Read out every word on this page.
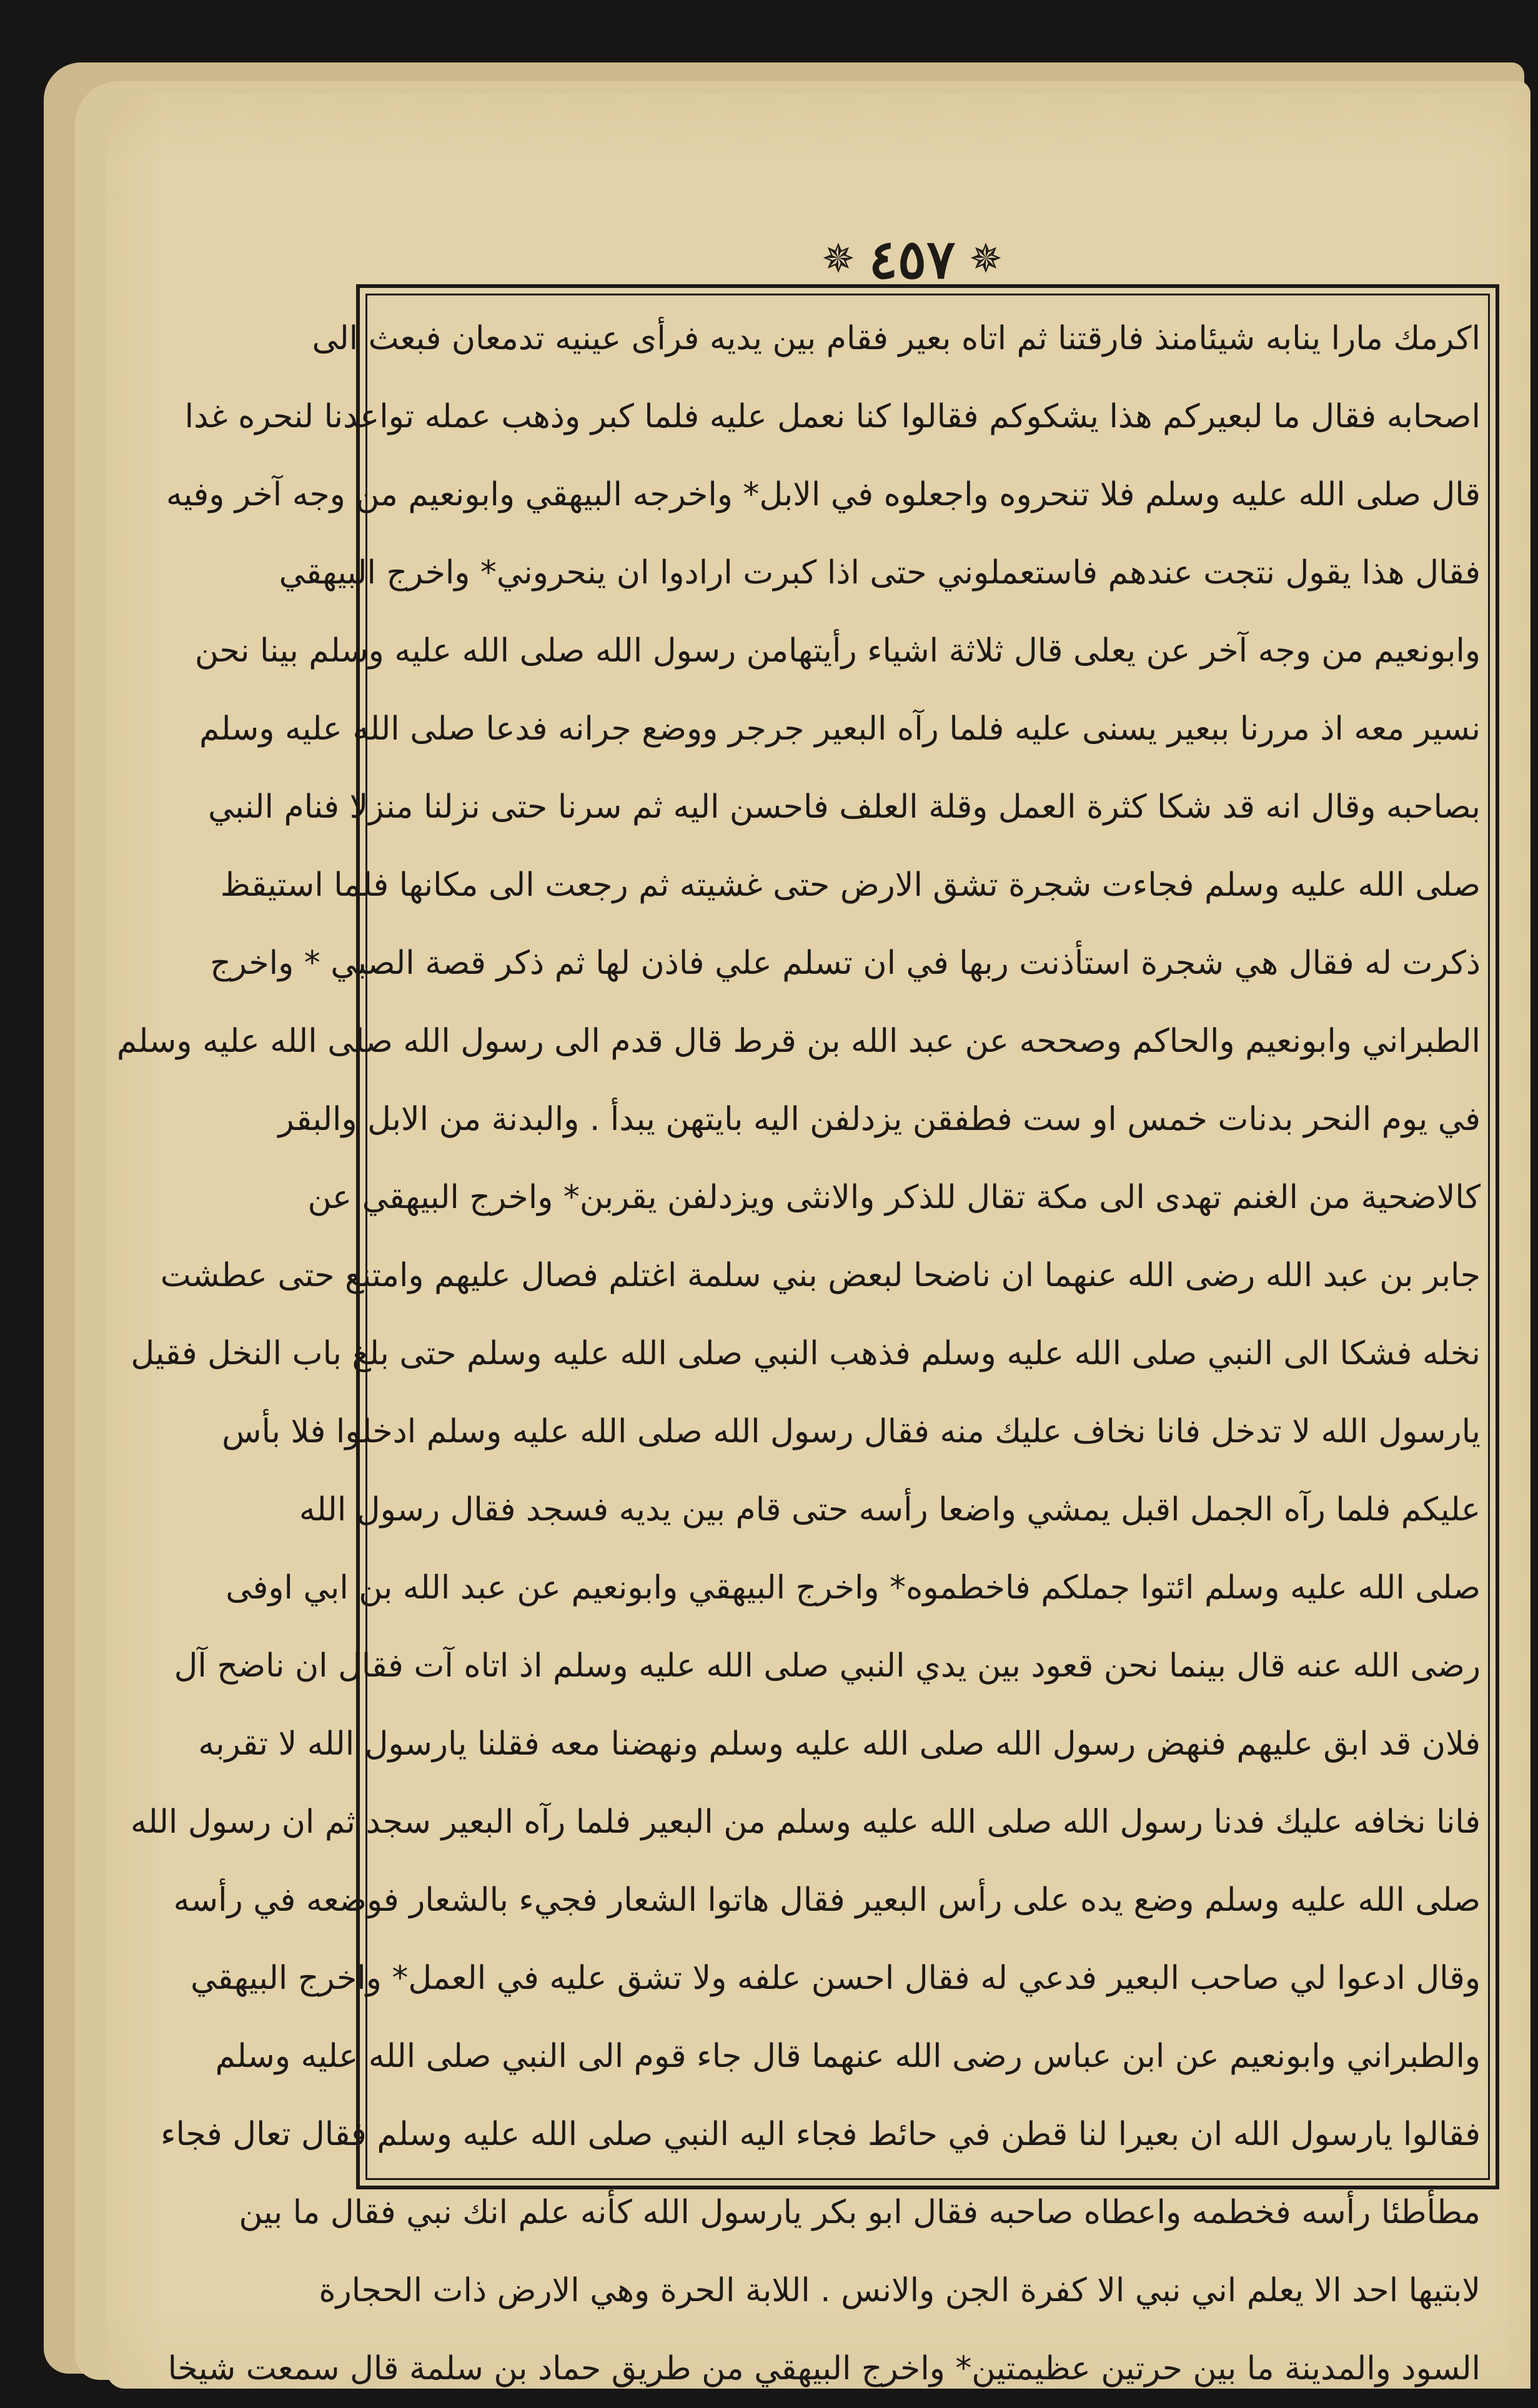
✵ ٤٥٧ ✵
اكرمك مارا ينابه شيئامنذ فارقتنا ثم اتاه بعير فقام بين يديه فرأى عينيه تدمعان فبعث الى
اصحابه فقال ما لبعيركم هذا يشكوكم فقالوا كنا نعمل عليه فلما كبر وذهب عمله تواعدنا لنحره غدا
قال صلى الله عليه وسلم فلا تنحروه واجعلوه في الابل* واخرجه البيهقي وابونعيم من وجه آخر وفيه
فقال هذا يقول نتجت عندهم فاستعملوني حتى اذا كبرت ارادوا ان ينحروني* واخرج البيهقي
وابونعيم من وجه آخر عن يعلى قال ثلاثة اشياء رأيتهامن رسول الله صلى الله عليه وسلم بينا نحن
نسير معه اذ مررنا ببعير يسنى عليه فلما رآه البعير جرجر ووضع جرانه فدعا صلى الله عليه وسلم
بصاحبه وقال انه قد شكا كثرة العمل وقلة العلف فاحسن اليه ثم سرنا حتى نزلنا منزلا فنام النبي
صلى الله عليه وسلم فجاءت شجرة تشق الارض حتى غشيته ثم رجعت الى مكانها فلما استيقظ
ذكرت له فقال هي شجرة استأذنت ربها في ان تسلم علي فاذن لها ثم ذكر قصة الصبي * واخرج
الطبراني وابونعيم والحاكم وصححه عن عبد الله بن قرط قال قدم الى رسول الله صلى الله عليه وسلم
في يوم النحر بدنات خمس او ست فطفقن يزدلفن اليه بايتهن يبدأ . والبدنة من الابل والبقر
كالاضحية من الغنم تهدى الى مكة تقال للذكر والانثى ويزدلفن يقربن* واخرج البيهقي عن
جابر بن عبد الله رضى الله عنهما ان ناضحا لبعض بني سلمة اغتلم فصال عليهم وامتنع حتى عطشت
نخله فشكا الى النبي صلى الله عليه وسلم فذهب النبي صلى الله عليه وسلم حتى بلغ باب النخل فقيل
يارسول الله لا تدخل فانا نخاف عليك منه فقال رسول الله صلى الله عليه وسلم ادخلوا فلا بأس
عليكم فلما رآه الجمل اقبل يمشي واضعا رأسه حتى قام بين يديه فسجد فقال رسول الله
صلى الله عليه وسلم ائتوا جملكم فاخطموه* واخرج البيهقي وابونعيم عن عبد الله بن ابي اوفى
رضى الله عنه قال بينما نحن قعود بين يدي النبي صلى الله عليه وسلم اذ اتاه آت فقال ان ناضح آل
فلان قد ابق عليهم فنهض رسول الله صلى الله عليه وسلم ونهضنا معه فقلنا يارسول الله لا تقربه
فانا نخافه عليك فدنا رسول الله صلى الله عليه وسلم من البعير فلما رآه البعير سجد ثم ان رسول الله
صلى الله عليه وسلم وضع يده على رأس البعير فقال هاتوا الشعار فجيء بالشعار فوضعه في رأسه
وقال ادعوا لي صاحب البعير فدعي له فقال احسن علفه ولا تشق عليه في العمل* واخرج البيهقي
والطبراني وابونعيم عن ابن عباس رضى الله عنهما قال جاء قوم الى النبي صلى الله عليه وسلم
فقالوا يارسول الله ان بعيرا لنا قطن في حائط فجاء اليه النبي صلى الله عليه وسلم فقال تعال فجاء
مطأطئا رأسه فخطمه واعطاه صاحبه فقال ابو بكر يارسول الله كأنه علم انك نبي فقال ما بين
لابتيها احد الا يعلم اني نبي الا كفرة الجن والانس . اللابة الحرة وهي الارض ذات الحجارة
السود والمدينة ما بين حرتين عظيمتين* واخرج البيهقي من طريق حماد بن سلمة قال سمعت شيخا
